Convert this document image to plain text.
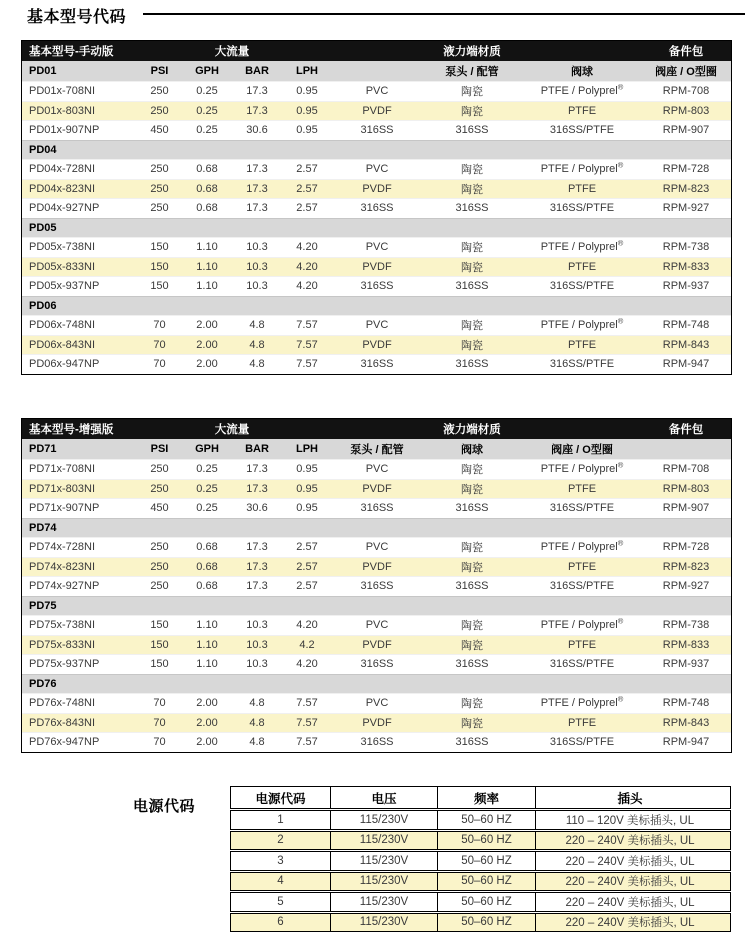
基本型号代码
基本型号-手动版	大流量	液力端材质	备件包
PD01	PSI	GPH	BAR	LPH	泵头 / 配管	阀球	阀座 / O型圈
PD01x-708NI	250	0.25	17.3	0.95	PVC	陶瓷	PTFE / Polyprel®	RPM-708
PD01x-803NI	250	0.25	17.3	0.95	PVDF	陶瓷	PTFE	RPM-803
PD01x-907NP	450	0.25	30.6	0.95	316SS	316SS	316SS/PTFE	RPM-907
PD04
PD04x-728NI	250	0.68	17.3	2.57	PVC	陶瓷	PTFE / Polyprel®	RPM-728
PD04x-823NI	250	0.68	17.3	2.57	PVDF	陶瓷	PTFE	RPM-823
PD04x-927NP	250	0.68	17.3	2.57	316SS	316SS	316SS/PTFE	RPM-927
PD05
PD05x-738NI	150	1.10	10.3	4.20	PVC	陶瓷	PTFE / Polyprel®	RPM-738
PD05x-833NI	150	1.10	10.3	4.20	PVDF	陶瓷	PTFE	RPM-833
PD05x-937NP	150	1.10	10.3	4.20	316SS	316SS	316SS/PTFE	RPM-937
PD06
PD06x-748NI	70	2.00	4.8	7.57	PVC	陶瓷	PTFE / Polyprel®	RPM-748
PD06x-843NI	70	2.00	4.8	7.57	PVDF	陶瓷	PTFE	RPM-843
PD06x-947NP	70	2.00	4.8	7.57	316SS	316SS	316SS/PTFE	RPM-947
基本型号-增强版	大流量	液力端材质	备件包
PD71	PSI	GPH	BAR	LPH	泵头 / 配管	阀球	阀座 / O型圈
PD71x-708NI	250	0.25	17.3	0.95	PVC	陶瓷	PTFE / Polyprel®	RPM-708
PD71x-803NI	250	0.25	17.3	0.95	PVDF	陶瓷	PTFE	RPM-803
PD71x-907NP	450	0.25	30.6	0.95	316SS	316SS	316SS/PTFE	RPM-907
PD74
PD74x-728NI	250	0.68	17.3	2.57	PVC	陶瓷	PTFE / Polyprel®	RPM-728
PD74x-823NI	250	0.68	17.3	2.57	PVDF	陶瓷	PTFE	RPM-823
PD74x-927NP	250	0.68	17.3	2.57	316SS	316SS	316SS/PTFE	RPM-927
PD75
PD75x-738NI	150	1.10	10.3	4.20	PVC	陶瓷	PTFE / Polyprel®	RPM-738
PD75x-833NI	150	1.10	10.3	4.2	PVDF	陶瓷	PTFE	RPM-833
PD75x-937NP	150	1.10	10.3	4.20	316SS	316SS	316SS/PTFE	RPM-937
PD76
PD76x-748NI	70	2.00	4.8	7.57	PVC	陶瓷	PTFE / Polyprel®	RPM-748
PD76x-843NI	70	2.00	4.8	7.57	PVDF	陶瓷	PTFE	RPM-843
PD76x-947NP	70	2.00	4.8	7.57	316SS	316SS	316SS/PTFE	RPM-947
电源代码	电源代码	电压	频率	插头
1	115/230V	50–60 HZ	110 – 120V 美标插头, UL
2	115/230V	50–60 HZ	220 – 240V 美标插头, UL
3	115/230V	50–60 HZ	220 – 240V 美标插头, UL
4	115/230V	50–60 HZ	220 – 240V 美标插头, UL
5	115/230V	50–60 HZ	220 – 240V 美标插头, UL
6	115/230V	50–60 HZ	220 – 240V 美标插头, UL
